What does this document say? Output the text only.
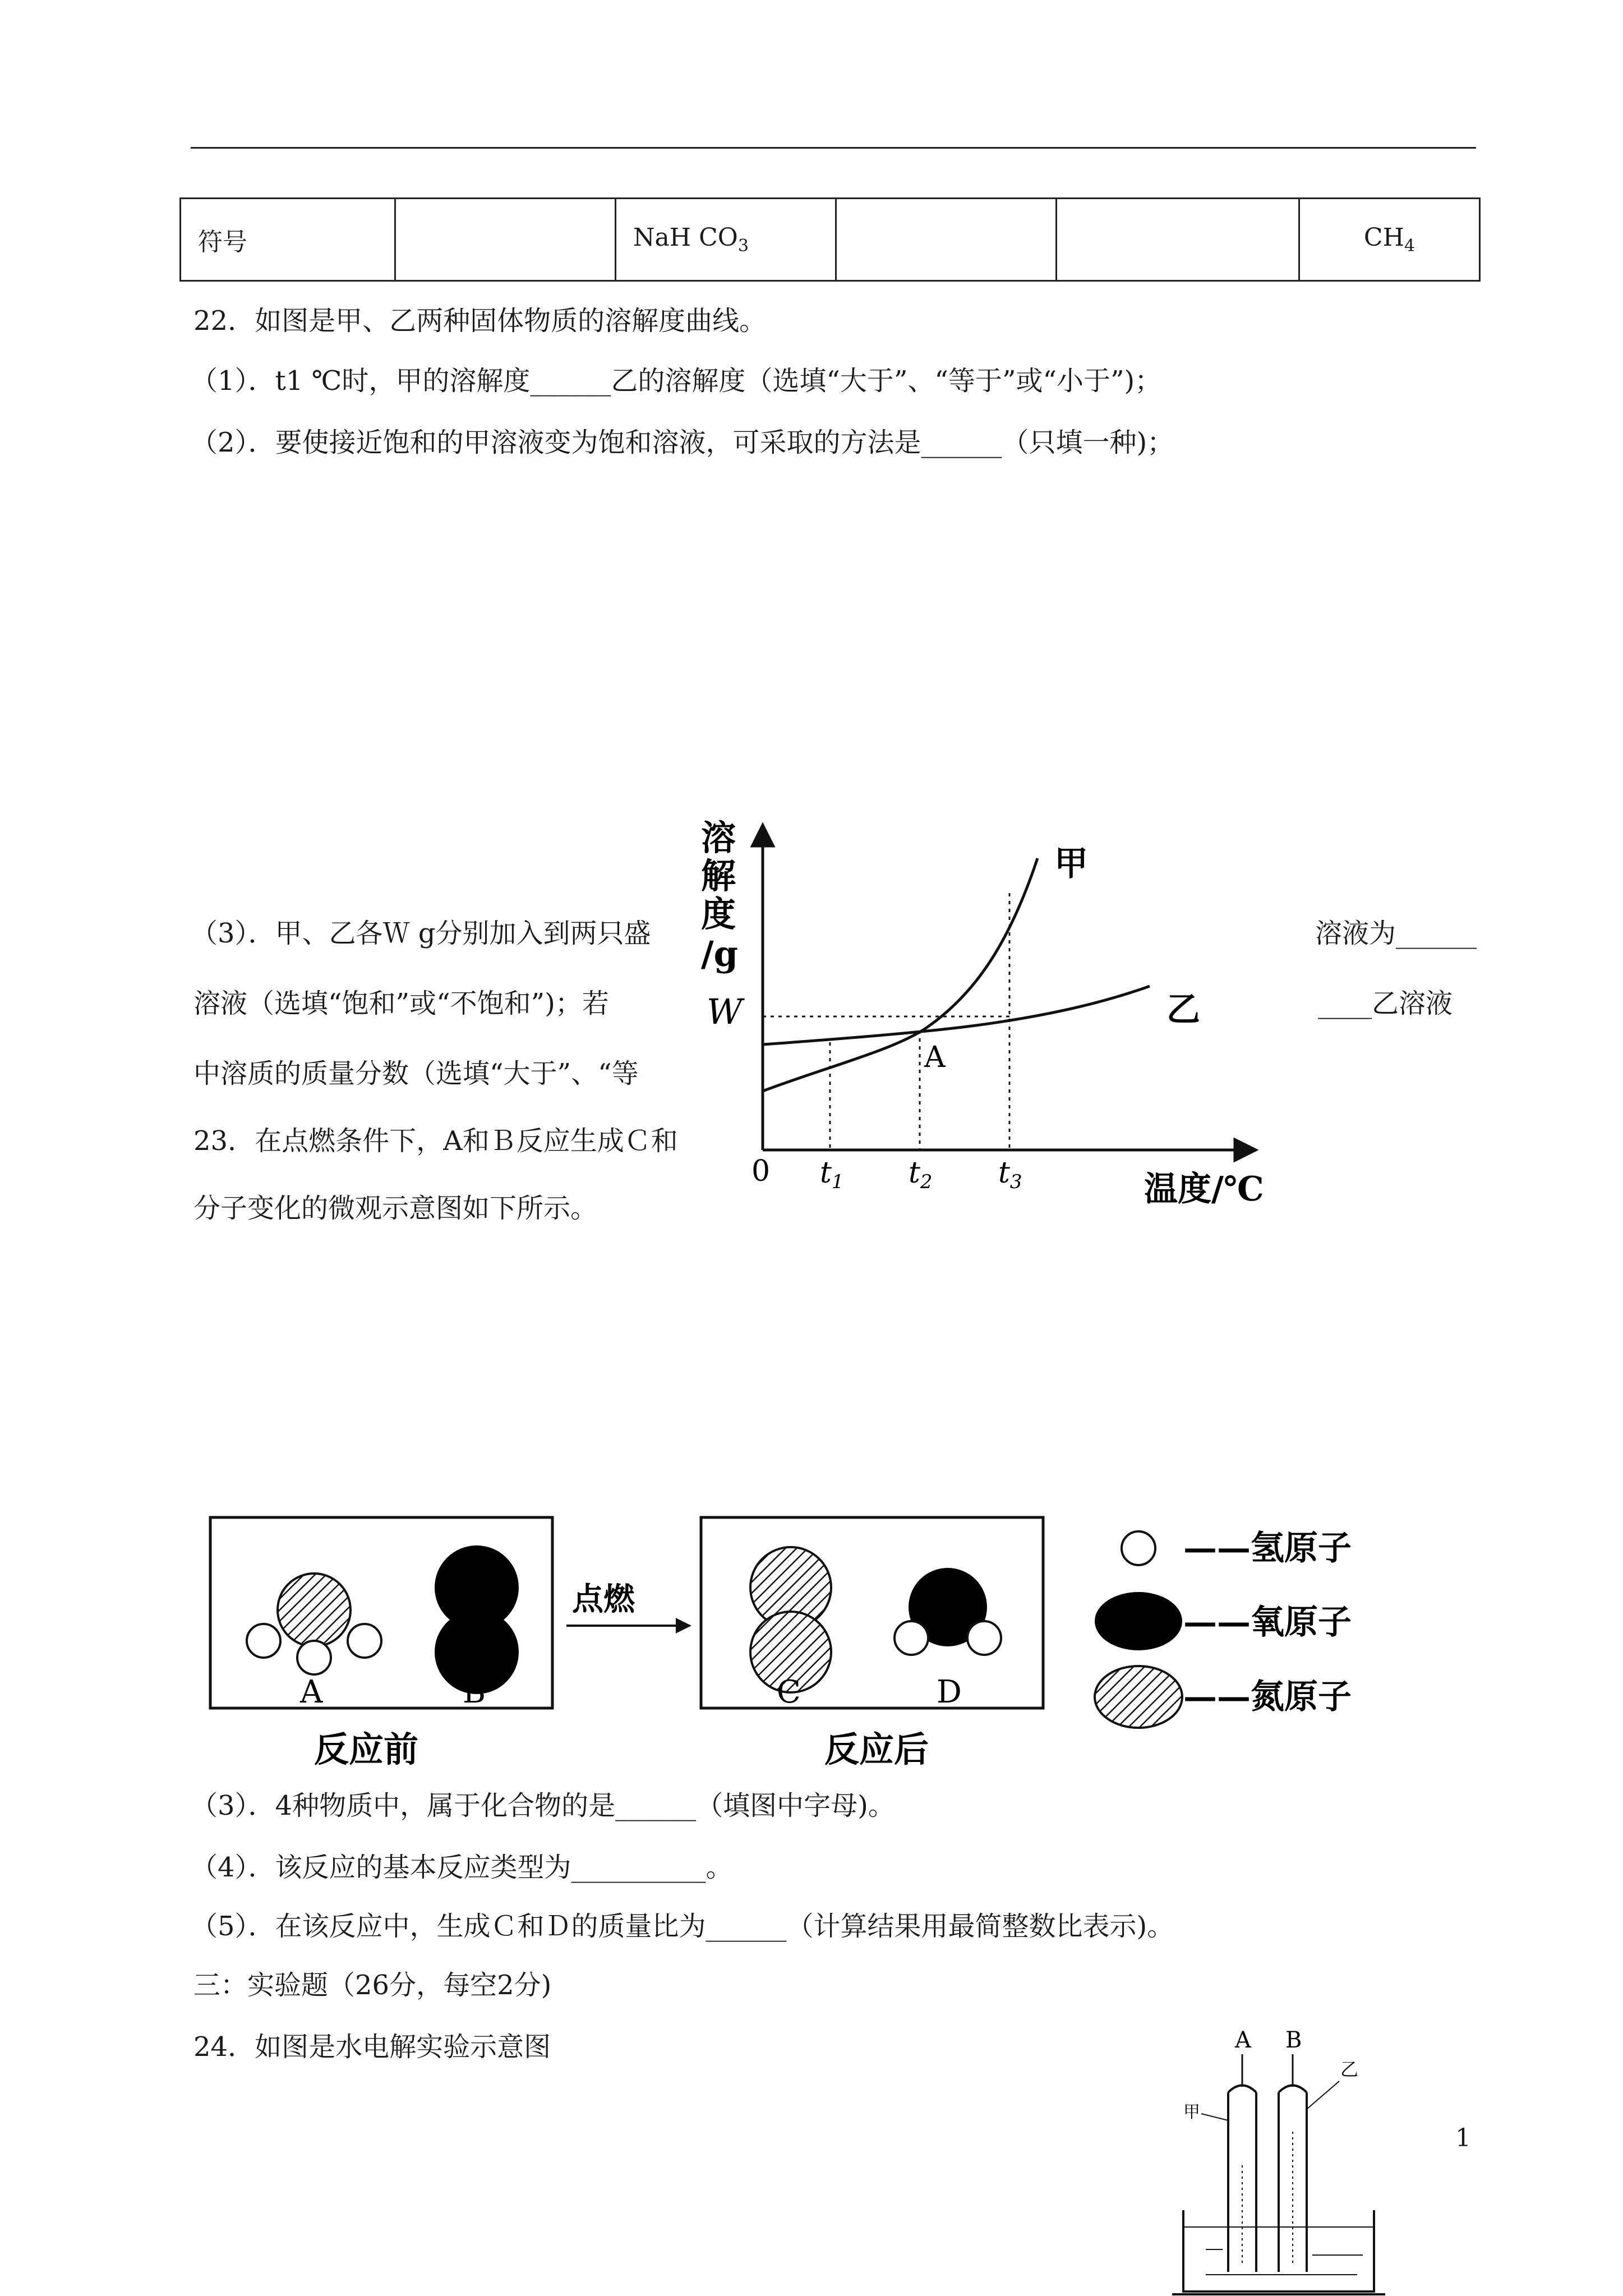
符号		NaH $CO_3$			$CH_4$
22．如图是甲、乙两种固体物质的溶解度曲线。
（1）．t1 ℃时，甲的溶解度______乙的溶解度（选填“大于”、“等于”或“小于”)；
（2）．要使接近饱和的甲溶液变为饱和溶液，可采取的方法是______（只填一种)；
（3）．甲、乙各Ｗ g分别加入到两只盛	溶液为______
溶液（选填“饱和”或“不饱和”)；若	____乙溶液
中溶质的质量分数（选填“大于”、“等
23．在点燃条件下，A和Ｂ反应生成Ｃ和
分子变化的微观示意图如下所示。
溶
解
度
/g
W
0 t1 t2 t3	温度/℃
A
甲
乙
A	B
反应前
点燃
C	D
反应后
——氢原子
——氧原子
——氮原子
（3）．4种物质中，属于化合物的是______（填图中字母)。
（4）．该反应的基本反应类型为__________。
（5）．在该反应中，生成Ｃ和Ｄ的质量比为______（计算结果用最简整数比表示)。
三：实验题（26分，每空2分)
24．如图是水电解实验示意图	A B
甲
乙
1
